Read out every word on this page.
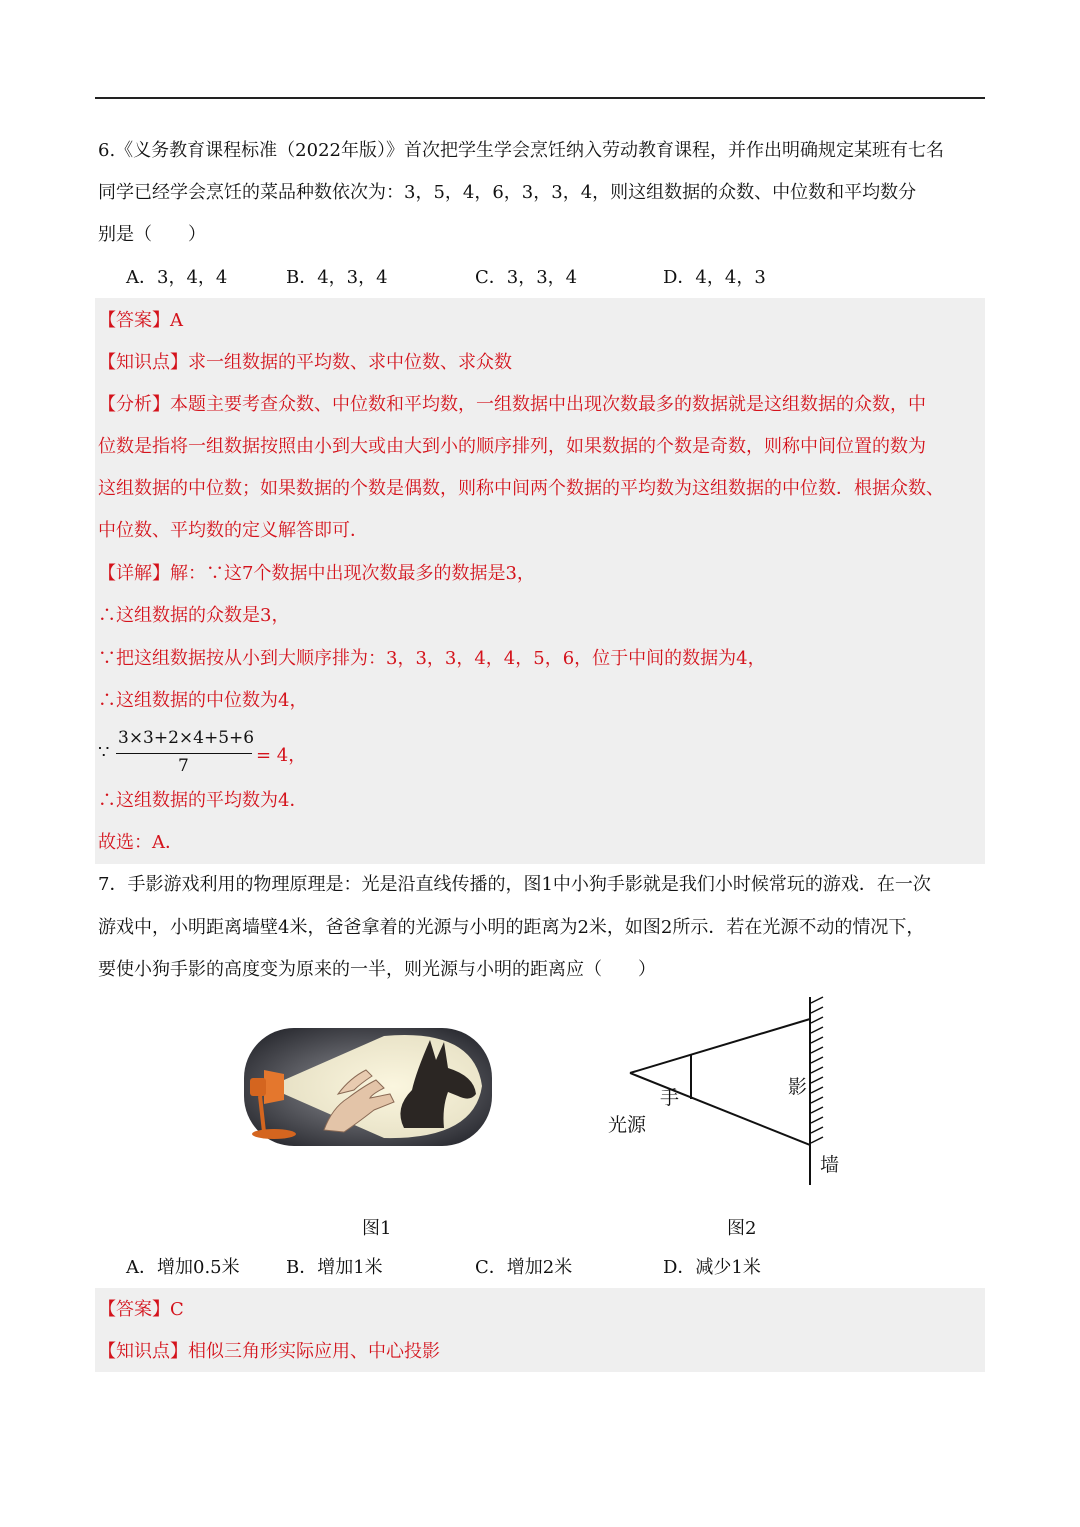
6.《义务教育课程标准（2022年版）》首次把学生学会烹饪纳入劳动教育课程，并作出明确规定某班有七名
同学已经学会烹饪的菜品种数依次为：3，5，4，6，3，3，4，则这组数据的众数、中位数和平均数分
别是（　　）
A．3，4，4	B．4，3，4	C．3，3，4	D．4，4，3
【答案】A
【知识点】求一组数据的平均数、求中位数、求众数
【分析】本题主要考查众数、中位数和平均数，一组数据中出现次数最多的数据就是这组数据的众数，中
位数是指将一组数据按照由小到大或由大到小的顺序排列，如果数据的个数是奇数，则称中间位置的数为
这组数据的中位数；如果数据的个数是偶数，则称中间两个数据的平均数为这组数据的中位数．根据众数、
中位数、平均数的定义解答即可．
【详解】解：∵这7个数据中出现次数最多的数据是3，
∴这组数据的众数是3，
∵把这组数据按从小到大顺序排为：3，3，3，4，4，5，6，位于中间的数据为4，
∴这组数据的中位数为4，
∵
3×3+2×4+5+6
7	= 4，
∴这组数据的平均数为4．
故选：A．
7．手影游戏利用的物理原理是：光是沿直线传播的，图1中小狗手影就是我们小时候常玩的游戏．在一次
游戏中，小明距离墙壁4米，爸爸拿着的光源与小明的距离为2米，如图2所示．若在光源不动的情况下，
要使小狗手影的高度变为原来的一半，则光源与小明的距离应（　　）
手	影
光源
墙
图1	图2
A．增加0.5米	B．增加1米	C．增加2米	D．减少1米
【答案】C
【知识点】相似三角形实际应用、中心投影
